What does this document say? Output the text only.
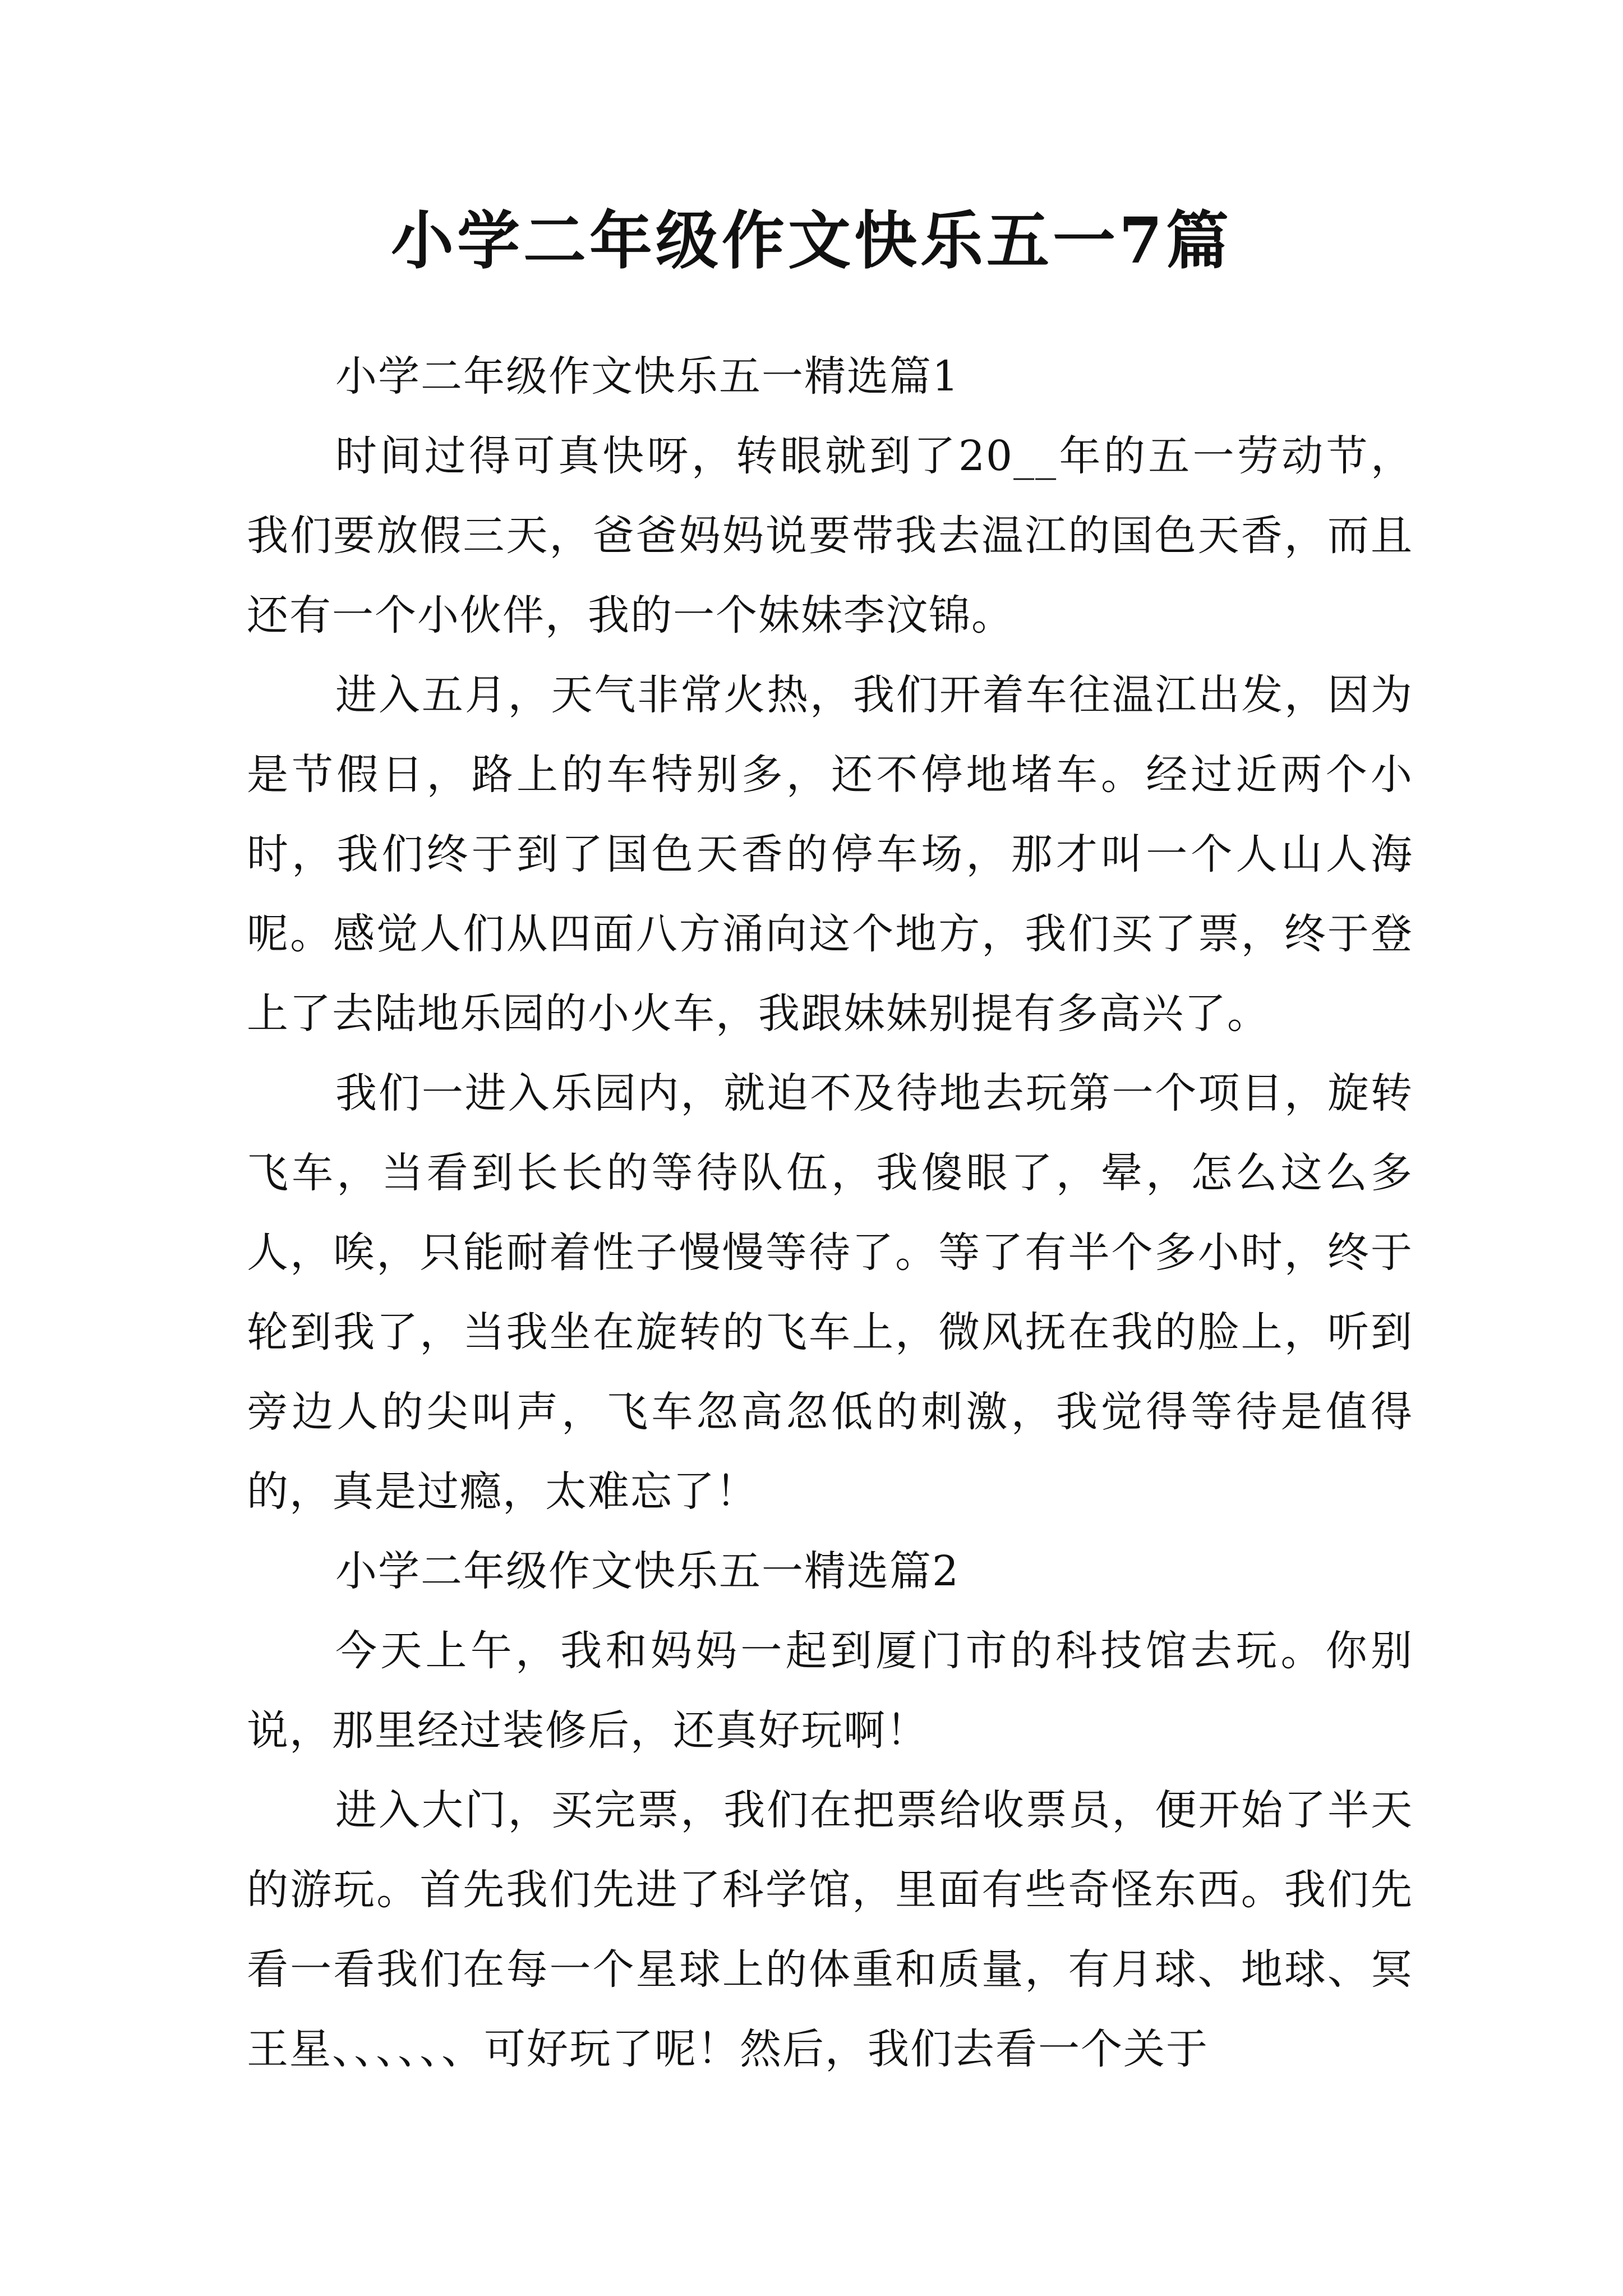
小学二年级作文快乐五一7篇

小学二年级作文快乐五一精选篇1

时间过得可真快呀，转眼就到了20__年的五一劳动节，我们要放假三天，爸爸妈妈说要带我去温江的国色天香，而且还有一个小伙伴，我的一个妹妹李汶锦。

进入五月，天气非常火热，我们开着车往温江出发，因为是节假日，路上的车特别多，还不停地堵车。经过近两个小时，我们终于到了国色天香的停车场，那才叫一个人山人海呢。感觉人们从四面八方涌向这个地方，我们买了票，终于登上了去陆地乐园的小火车，我跟妹妹别提有多高兴了。

我们一进入乐园内，就迫不及待地去玩第一个项目，旋转飞车，当看到长长的等待队伍，我傻眼了，晕，怎么这么多人，唉，只能耐着性子慢慢等待了。等了有半个多小时，终于轮到我了，当我坐在旋转的飞车上，微风抚在我的脸上，听到旁边人的尖叫声，飞车忽高忽低的刺激，我觉得等待是值得的，真是过瘾，太难忘了！

小学二年级作文快乐五一精选篇2

今天上午，我和妈妈一起到厦门市的科技馆去玩。你别说，那里经过装修后，还真好玩啊！

进入大门，买完票，我们在把票给收票员，便开始了半天的游玩。首先我们先进了科学馆，里面有些奇怪东西。我们先看一看我们在每一个星球上的体重和质量，有月球、地球、冥王星、、、、、、可好玩了呢！然后，我们去看一个关于
